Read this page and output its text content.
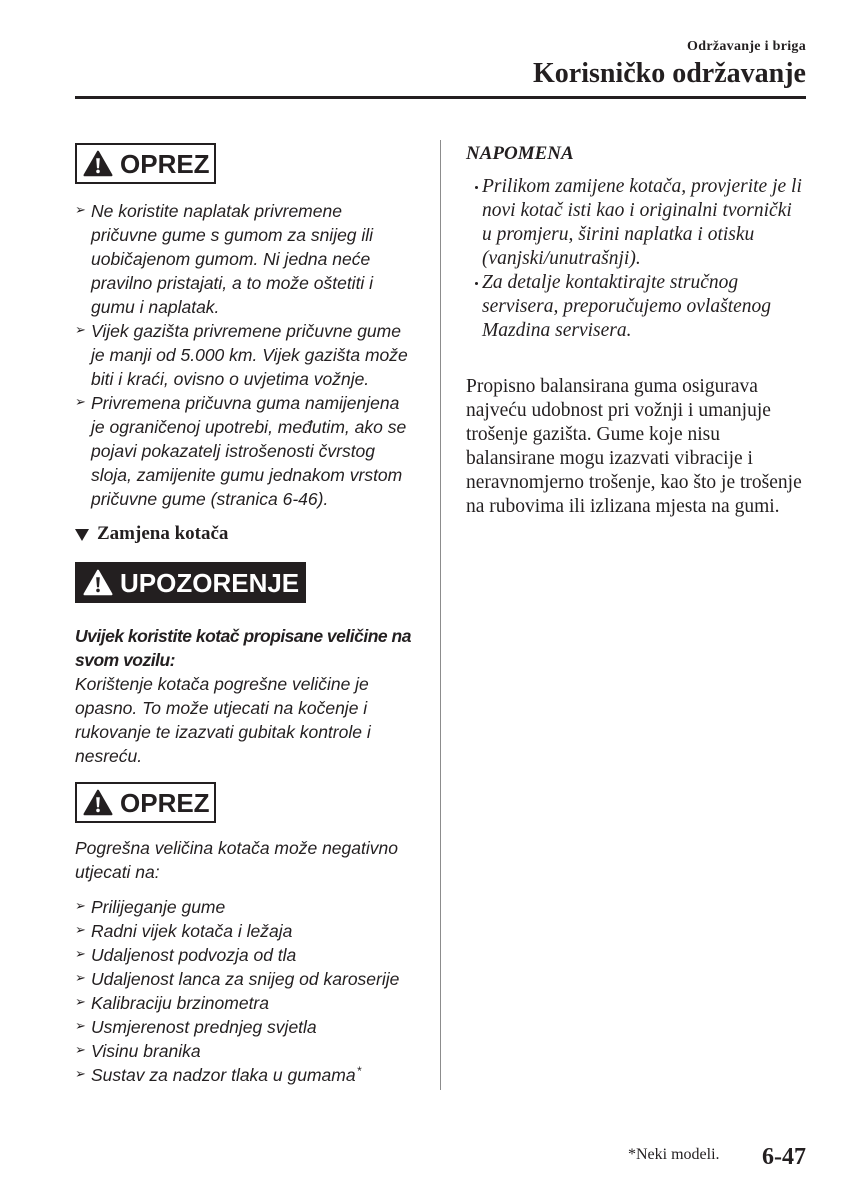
Održavanje i briga
Korisničko održavanje
OPREZ
➢
Ne koristite naplatak privremene
pričuvne gume s gumom za snijeg ili
uobičajenom gumom. Ni jedna neće
pravilno pristajati, a to može oštetiti i
gumu i naplatak.
➢
Vijek gazišta privremene pričuvne gume
je manji od 5.000 km. Vijek gazišta može
biti i kraći, ovisno o uvjetima vožnje.
➢
Privremena pričuvna guma namijenjena
je ograničenoj upotrebi, međutim, ako se
pojavi pokazatelj istrošenosti čvrstog
sloja, zamijenite gumu jednakom vrstom
pričuvne gume (stranica 6-46).
Zamjena kotača
UPOZORENJE
Uvijek koristite kotač propisane veličine na
svom vozilu:
Korištenje kotača pogrešne veličine je
opasno. To može utjecati na kočenje i
rukovanje te izazvati gubitak kontrole i
nesreću.
OPREZ
Pogrešna veličina kotača može negativno
utjecati na:
➢
Prilijeganje gume
➢
Radni vijek kotača i ležaja
➢
Udaljenost podvozja od tla
➢
Udaljenost lanca za snijeg od karoserije
➢
Kalibraciju brzinometra
➢
Usmjerenost prednjeg svjetla
➢
Visinu branika
➢
Sustav za nadzor tlaka u gumama*
NAPOMENA
Prilikom zamijene kotača, provjerite je li
novi kotač isti kao i originalni tvornički
u promjeru, širini naplatka i otisku
(vanjski/unutrašnji).
Za detalje kontaktirajte stručnog
servisera, preporučujemo ovlaštenog
Mazdina servisera.
Propisno balansirana guma osigurava
najveću udobnost pri vožnji i umanjuje
trošenje gazišta. Gume koje nisu
balansirane mogu izazvati vibracije i
neravnomjerno trošenje, kao što je trošenje
na rubovima ili izlizana mjesta na gumi.
*Neki modeli. 6-47
